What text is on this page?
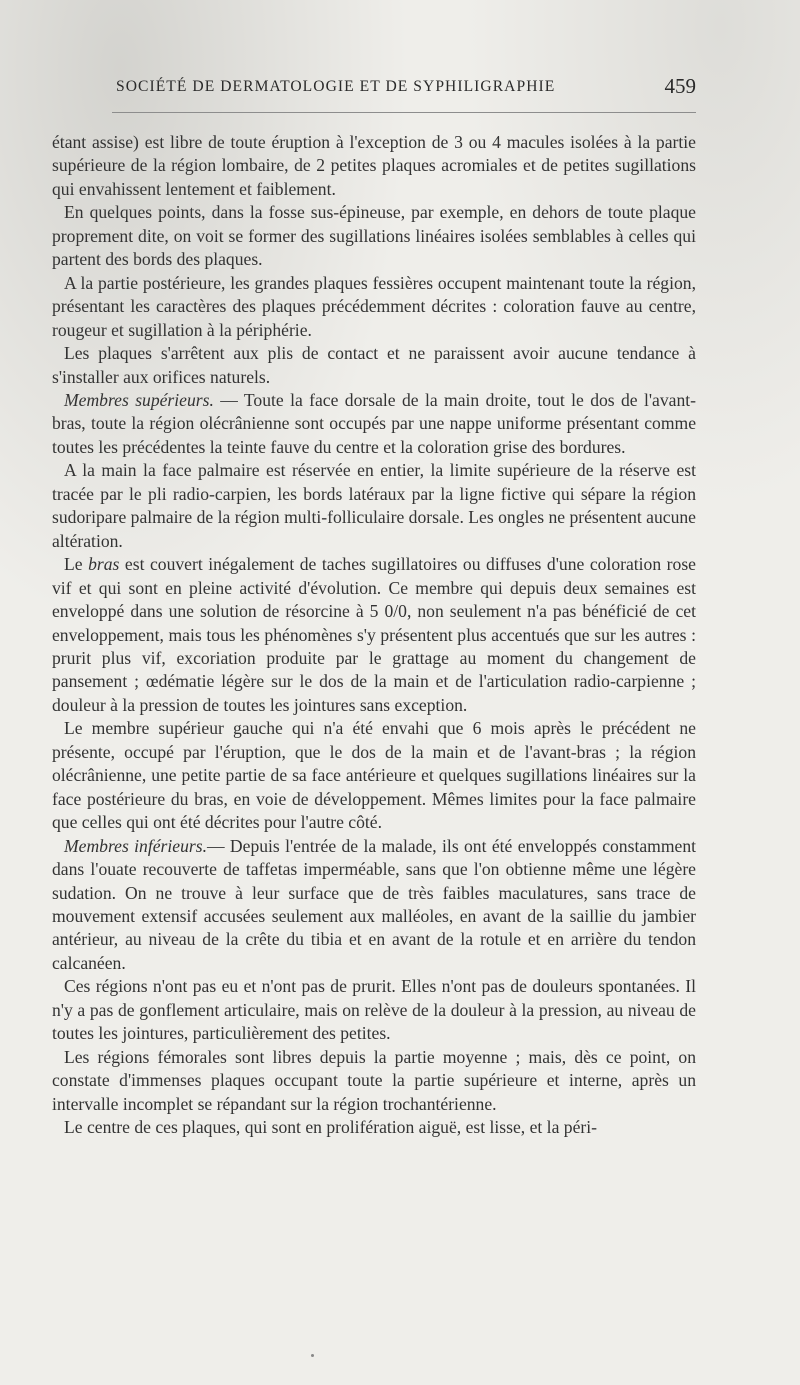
SOCIÉTÉ DE DERMATOLOGIE ET DE SYPHILIGRAPHIE	459

étant assise) est libre de toute éruption à l'exception de 3 ou 4 macules isolées à la partie supérieure de la région lombaire, de 2 petites plaques acromiales et de petites sugillations qui envahissent lentement et faiblement.

En quelques points, dans la fosse sus-épineuse, par exemple, en dehors de toute plaque proprement dite, on voit se former des sugillations linéaires isolées semblables à celles qui partent des bords des plaques.

A la partie postérieure, les grandes plaques fessières occupent maintenant toute la région, présentant les caractères des plaques précédemment décrites : coloration fauve au centre, rougeur et sugillation à la périphérie.

Les plaques s'arrêtent aux plis de contact et ne paraissent avoir aucune tendance à s'installer aux orifices naturels.

Membres supérieurs. — Toute la face dorsale de la main droite, tout le dos de l'avant-bras, toute la région olécrânienne sont occupés par une nappe uniforme présentant comme toutes les précédentes la teinte fauve du centre et la coloration grise des bordures.

A la main la face palmaire est réservée en entier, la limite supérieure de la réserve est tracée par le pli radio-carpien, les bords latéraux par la ligne fictive qui sépare la région sudoripare palmaire de la région multi-folliculaire dorsale. Les ongles ne présentent aucune altération.

Le bras est couvert inégalement de taches sugillatoires ou diffuses d'une coloration rose vif et qui sont en pleine activité d'évolution. Ce membre qui depuis deux semaines est enveloppé dans une solution de résorcine à 5 0/0, non seulement n'a pas bénéficié de cet enveloppement, mais tous les phénomènes s'y présentent plus accentués que sur les autres : prurit plus vif, excoriation produite par le grattage au moment du changement de pansement ; œdématie légère sur le dos de la main et de l'articulation radio-carpienne ; douleur à la pression de toutes les jointures sans exception.

Le membre supérieur gauche qui n'a été envahi que 6 mois après le précédent ne présente, occupé par l'éruption, que le dos de la main et de l'avant-bras ; la région olécrânienne, une petite partie de sa face antérieure et quelques sugillations linéaires sur la face postérieure du bras, en voie de développement. Mêmes limites pour la face palmaire que celles qui ont été décrites pour l'autre côté.

Membres inférieurs.— Depuis l'entrée de la malade, ils ont été enveloppés constamment dans l'ouate recouverte de taffetas imperméable, sans que l'on obtienne même une légère sudation. On ne trouve à leur surface que de très faibles maculatures, sans trace de mouvement extensif accusées seulement aux malléoles, en avant de la saillie du jambier antérieur, au niveau de la crête du tibia et en avant de la rotule et en arrière du tendon calcanéen.

Ces régions n'ont pas eu et n'ont pas de prurit. Elles n'ont pas de douleurs spontanées. Il n'y a pas de gonflement articulaire, mais on relève de la douleur à la pression, au niveau de toutes les jointures, particulièrement des petites.

Les régions fémorales sont libres depuis la partie moyenne ; mais, dès ce point, on constate d'immenses plaques occupant toute la partie supérieure et interne, après un intervalle incomplet se répandant sur la région trochantérienne.

Le centre de ces plaques, qui sont en prolifération aiguë, est lisse, et la péri-
